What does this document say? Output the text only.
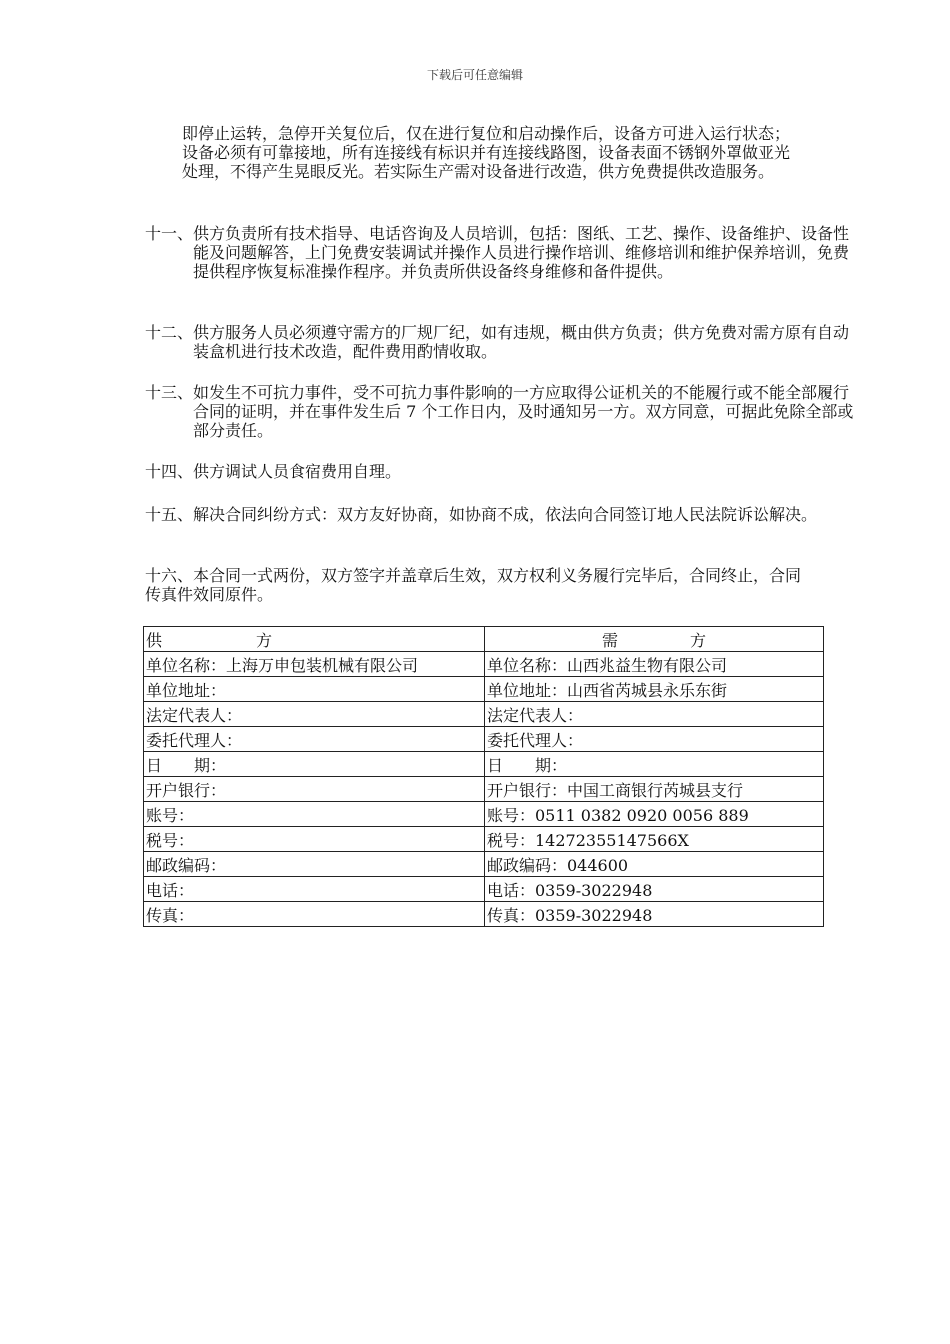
下载后可任意编辑
即停止运转，急停开关复位后，仅在进行复位和启动操作后，设备方可进入运行状态；设备必须有可靠接地，所有连接线有标识并有连接线路图，设备表面不锈钢外罩做亚光处理，不得产生晃眼反光。若实际生产需对设备进行改造，供方免费提供改造服务。
十一、供方负责所有技术指导、电话咨询及人员培训，包括：图纸、工艺、操作、设备维护、设备性能及问题解答，上门免费安装调试并操作人员进行操作培训、维修培训和维护保养培训，免费提供程序恢复标准操作程序。并负责所供设备终身维修和备件提供。
十二、供方服务人员必须遵守需方的厂规厂纪，如有违规，概由供方负责；供方免费对需方原有自动装盒机进行技术改造，配件费用酌情收取。
十三、如发生不可抗力事件，受不可抗力事件影响的一方应取得公证机关的不能履行或不能全部履行合同的证明，并在事件发生后 7 个工作日内，及时通知另一方。双方同意，可据此免除全部或部分责任。
十四、供方调试人员食宿费用自理。
十五、解决合同纠纷方式：双方友好协商，如协商不成，依法向合同签订地人民法院诉讼解决。
十六、本合同一式两份，双方签字并盖章后生效，双方权利义务履行完毕后，合同终止，合同传真件效同原件。
供 方	需 方
单位名称：上海万申包装机械有限公司	单位名称：山西兆益生物有限公司
单位地址：	单位地址：山西省芮城县永乐东街
法定代表人：	法定代表人：
委托代理人：	委托代理人：
日　　期：	日　　期：
开户银行：	开户银行：中国工商银行芮城县支行
账号：	账号：0511 0382 0920 0056 889
税号：	税号：14272355147566X
邮政编码：	邮政编码：044600
电话：	电话：0359-3022948
传真：	传真：0359-3022948
